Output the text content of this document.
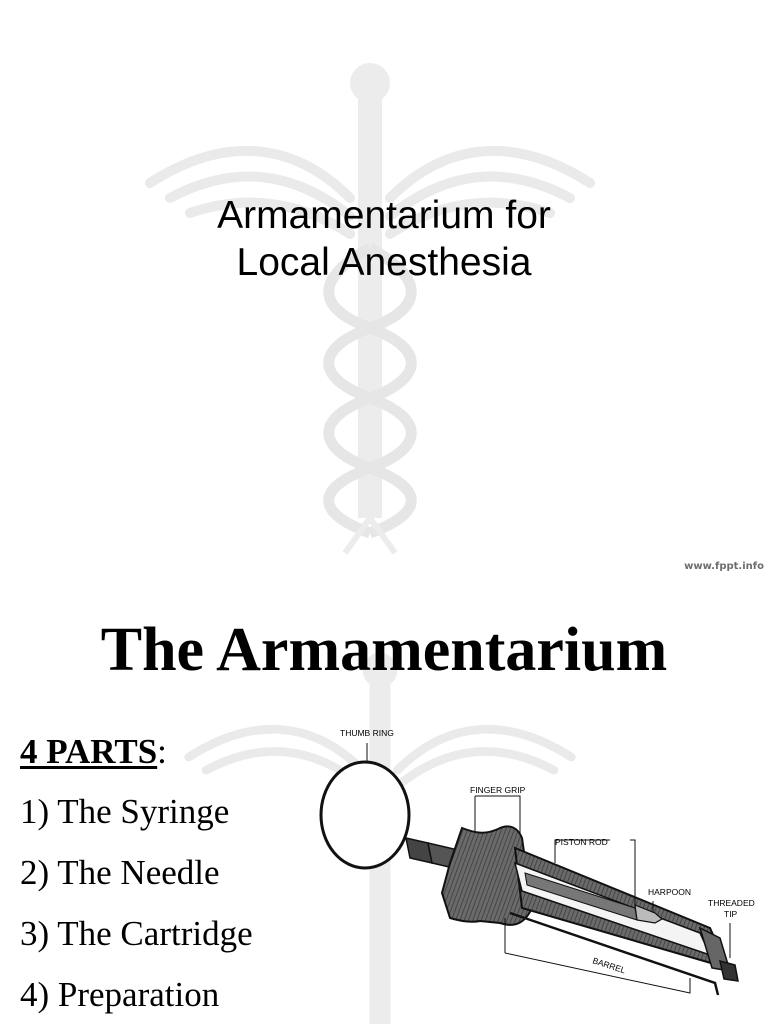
Armamentarium for
Local Anesthesia
www.fppt.info
The Armamentarium
4 PARTS:
1) The Syringe
2) The Needle
3) The Cartridge
4) Preparation
THUMB RING
FINGER GRIP
PISTON ROD
HARPOON
THREADED
TIP
BARREL
